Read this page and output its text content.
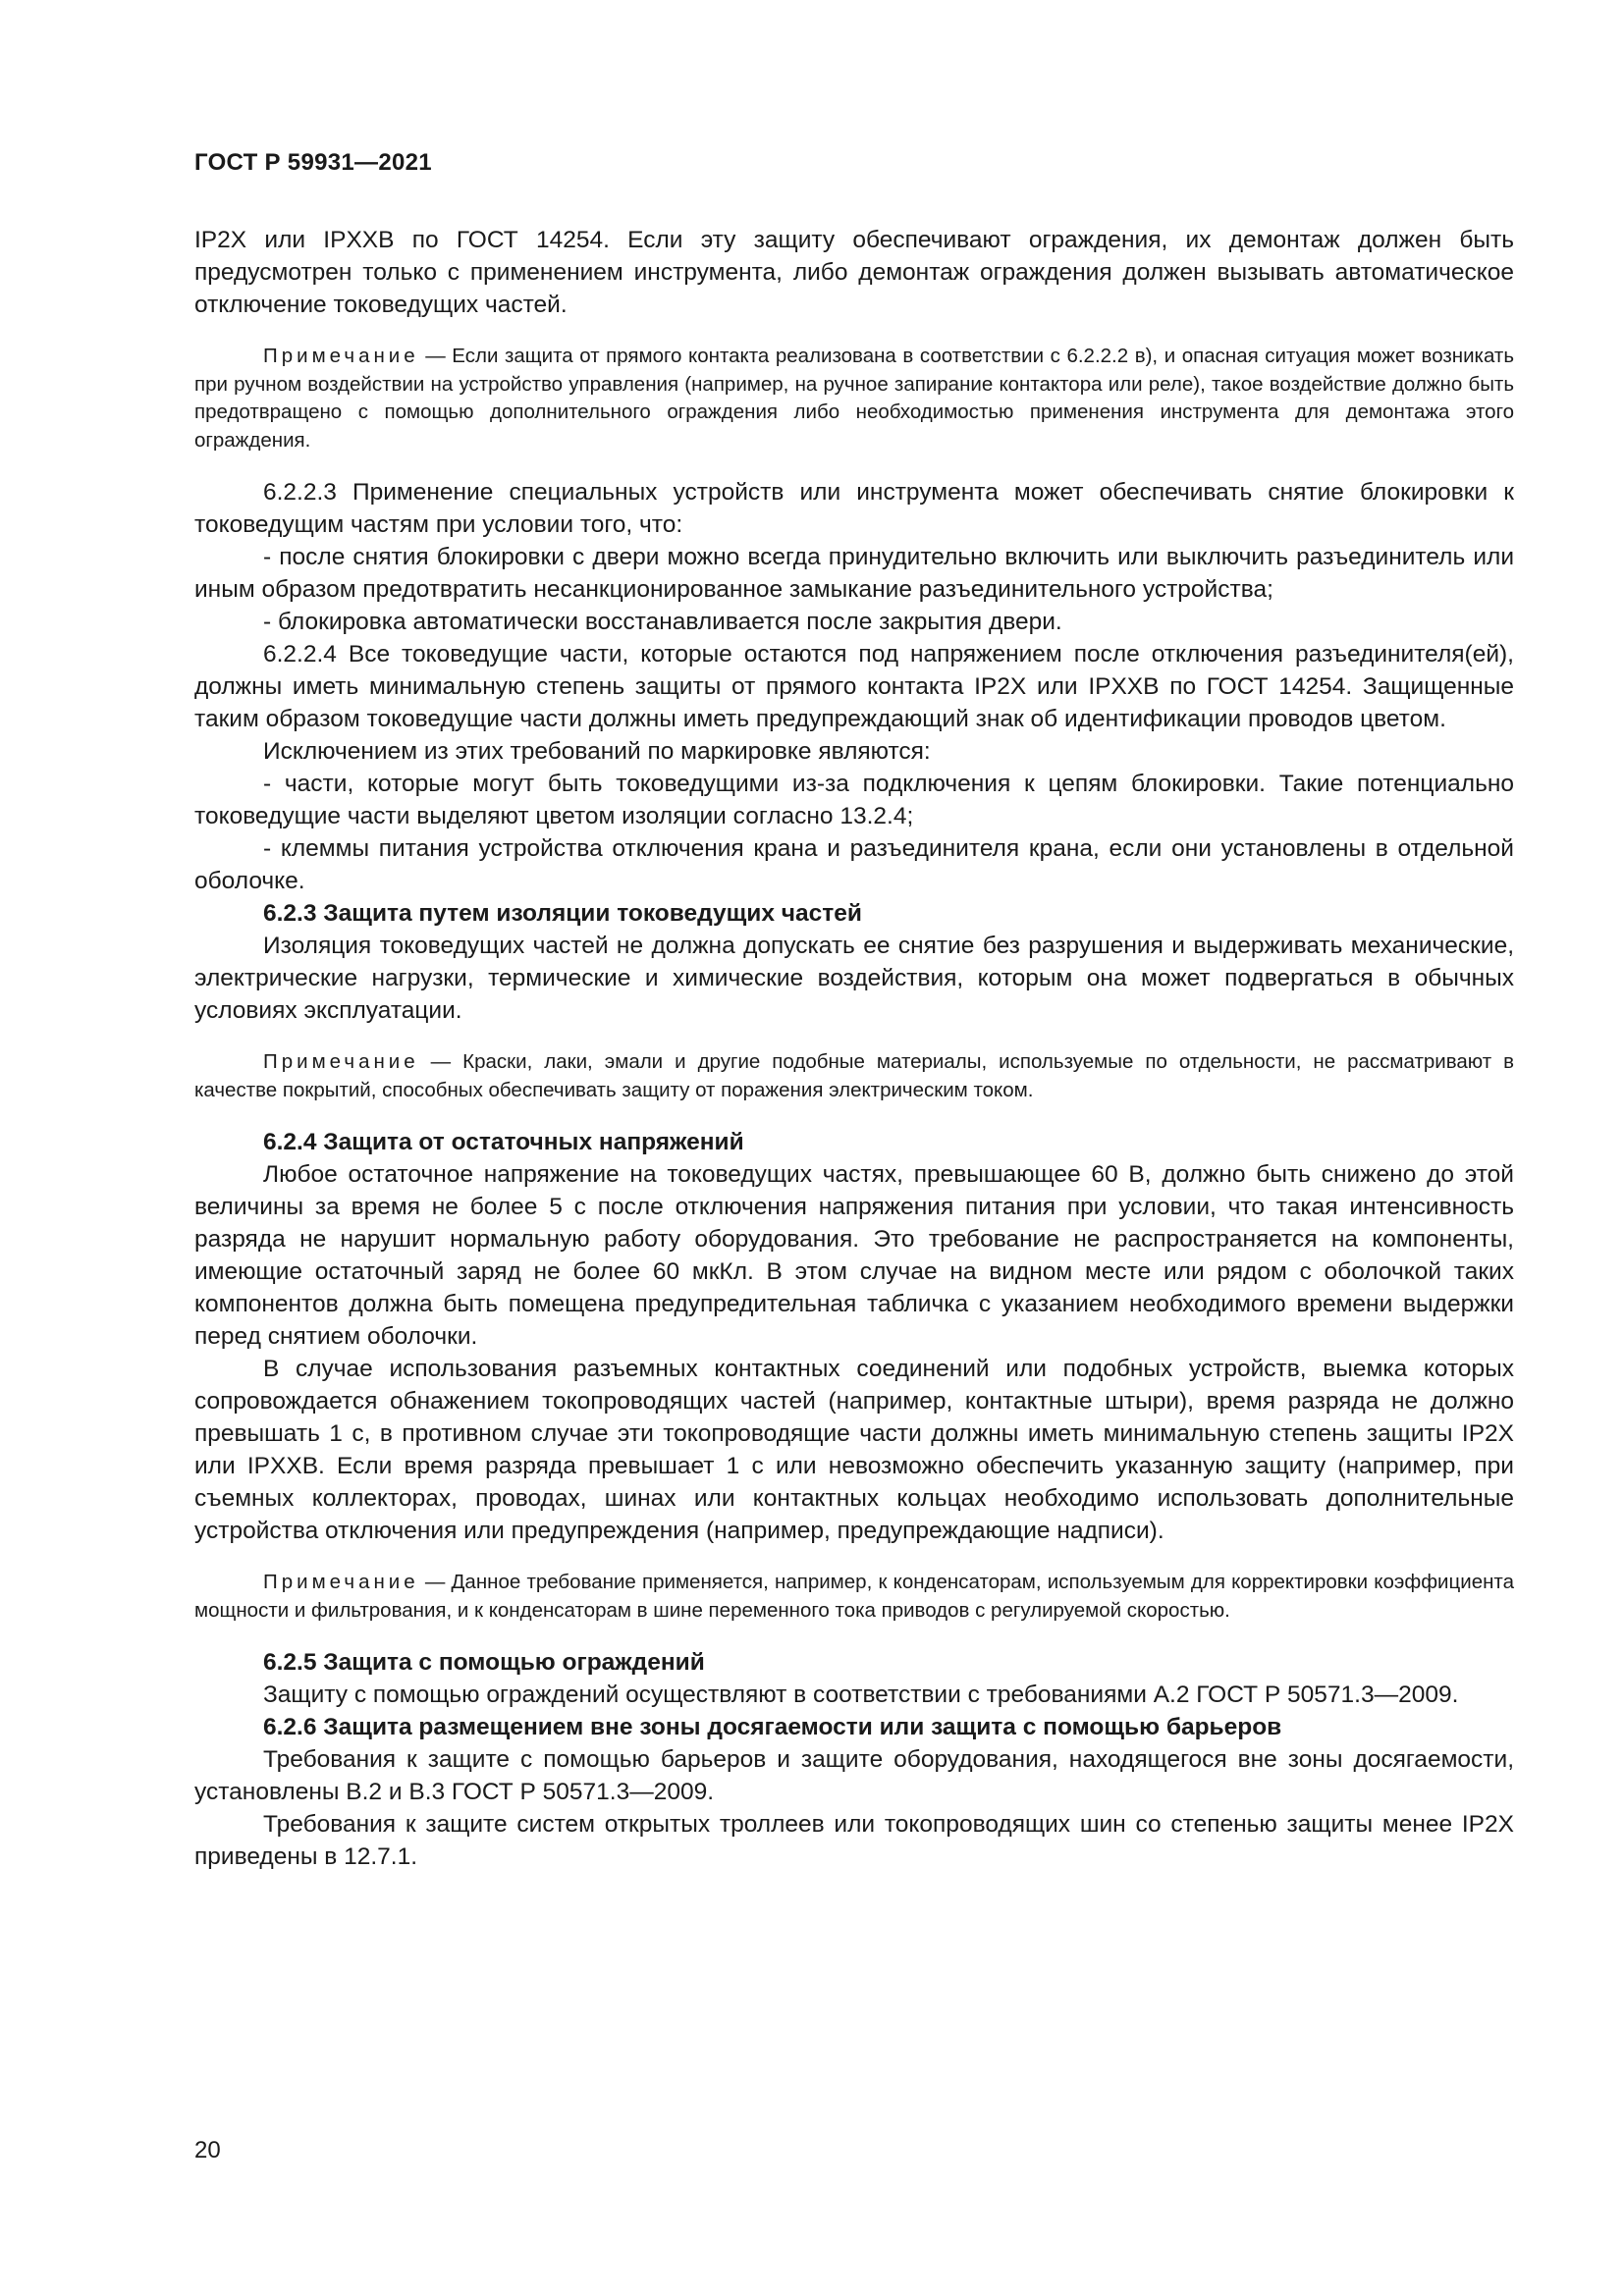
ГОСТ Р 59931—2021

IP2X или IPXXB по ГОСТ 14254. Если эту защиту обеспечивают ограждения, их демонтаж должен быть предусмотрен только с применением инструмента, либо демонтаж ограждения должен вызывать автоматическое отключение токоведущих частей.

Примечание — Если защита от прямого контакта реализована в соответствии с 6.2.2.2 в), и опасная ситуация может возникать при ручном воздействии на устройство управления (например, на ручное запирание контактора или реле), такое воздействие должно быть предотвращено с помощью дополнительного ограждения либо необходимостью применения инструмента для демонтажа этого ограждения.

6.2.2.3 Применение специальных устройств или инструмента может обеспечивать снятие блокировки к токоведущим частям при условии того, что:

- после снятия блокировки с двери можно всегда принудительно включить или выключить разъединитель или иным образом предотвратить несанкционированное замыкание разъединительного устройства;

- блокировка автоматически восстанавливается после закрытия двери.

6.2.2.4 Все токоведущие части, которые остаются под напряжением после отключения разъединителя(ей), должны иметь минимальную степень защиты от прямого контакта IP2X или IPXXB по ГОСТ 14254. Защищенные таким образом токоведущие части должны иметь предупреждающий знак об идентификации проводов цветом.

Исключением из этих требований по маркировке являются:

- части, которые могут быть токоведущими из-за подключения к цепям блокировки. Такие потенциально токоведущие части выделяют цветом изоляции согласно 13.2.4;

- клеммы питания устройства отключения крана и разъединителя крана, если они установлены в отдельной оболочке.

6.2.3 Защита путем изоляции токоведущих частей

Изоляция токоведущих частей не должна допускать ее снятие без разрушения и выдерживать механические, электрические нагрузки, термические и химические воздействия, которым она может подвергаться в обычных условиях эксплуатации.

Примечание — Краски, лаки, эмали и другие подобные материалы, используемые по отдельности, не рассматривают в качестве покрытий, способных обеспечивать защиту от поражения электрическим током.

6.2.4 Защита от остаточных напряжений

Любое остаточное напряжение на токоведущих частях, превышающее 60 В, должно быть снижено до этой величины за время не более 5 с после отключения напряжения питания при условии, что такая интенсивность разряда не нарушит нормальную работу оборудования. Это требование не распространяется на компоненты, имеющие остаточный заряд не более 60 мкКл. В этом случае на видном месте или рядом с оболочкой таких компонентов должна быть помещена предупредительная табличка с указанием необходимого времени выдержки перед снятием оболочки.

В случае использования разъемных контактных соединений или подобных устройств, выемка которых сопровождается обнажением токопроводящих частей (например, контактные штыри), время разряда не должно превышать 1 с, в противном случае эти токопроводящие части должны иметь минимальную степень защиты IP2X или IPXXB. Если время разряда превышает 1 с или невозможно обеспечить указанную защиту (например, при съемных коллекторах, проводах, шинах или контактных кольцах необходимо использовать дополнительные устройства отключения или предупреждения (например, предупреждающие надписи).

Примечание — Данное требование применяется, например, к конденсаторам, используемым для корректировки коэффициента мощности и фильтрования, и к конденсаторам в шине переменного тока приводов с регулируемой скоростью.

6.2.5 Защита с помощью ограждений

Защиту с помощью ограждений осуществляют в соответствии с требованиями А.2 ГОСТ Р 50571.3—2009.

6.2.6 Защита размещением вне зоны досягаемости или защита с помощью барьеров

Требования к защите с помощью барьеров и защите оборудования, находящегося вне зоны досягаемости, установлены В.2 и В.3 ГОСТ Р 50571.3—2009.

Требования к защите систем открытых троллеев или токопроводящих шин со степенью защиты менее IP2X приведены в 12.7.1.

20
